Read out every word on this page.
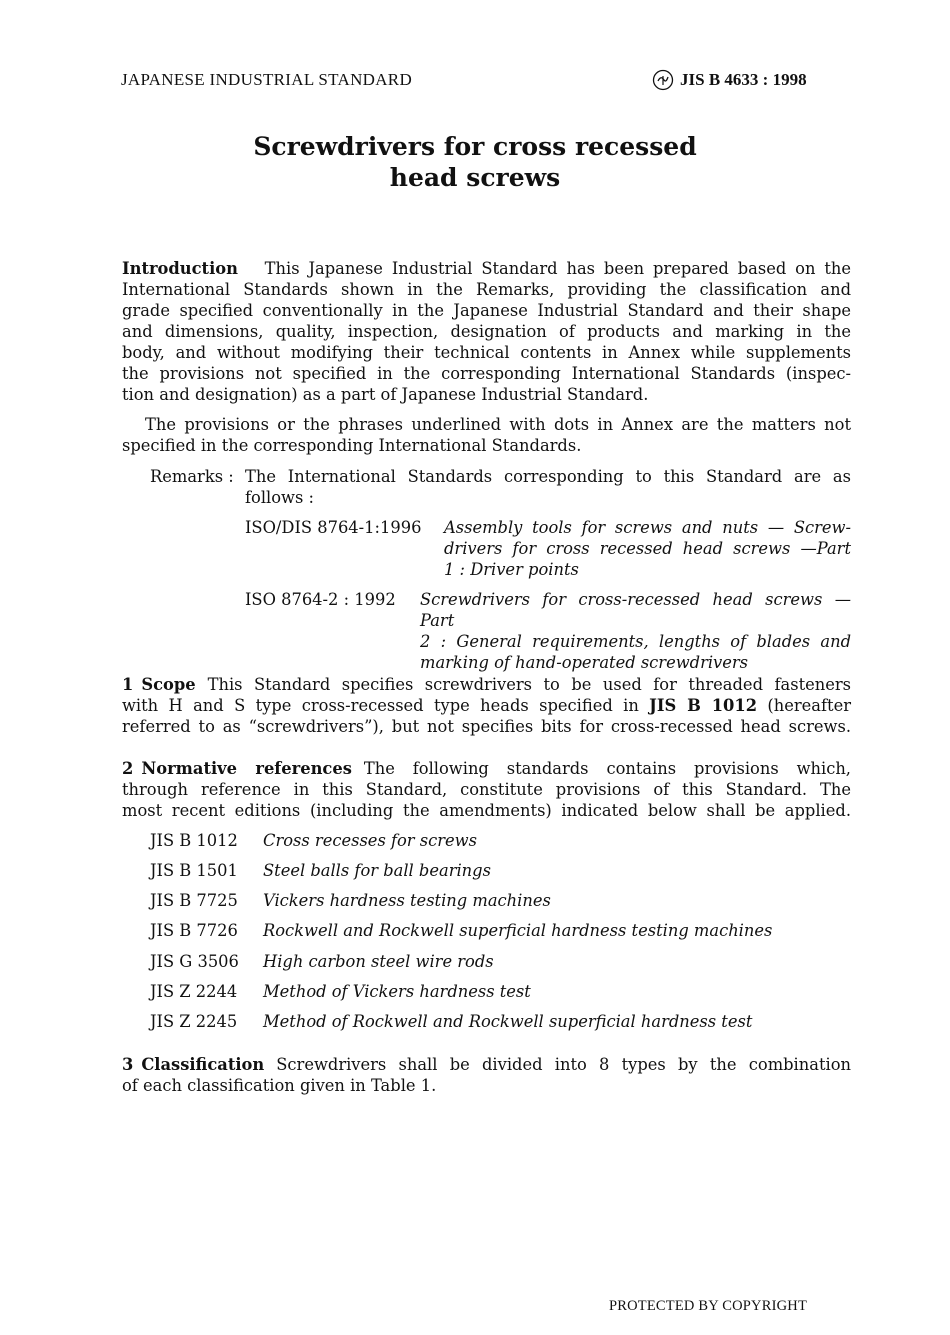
JAPANESE INDUSTRIAL STANDARD	JIS B 4633 : 1998
Screwdrivers for cross recessed
head screws
Introduction This Japanese Industrial Standard has been prepared based on the
International Standards shown in the Remarks, providing the classification and
grade specified conventionally in the Japanese Industrial Standard and their shape
and dimensions, quality, inspection, designation of products and marking in the
body, and without modifying their technical contents in Annex while supplements
the provisions not specified in the corresponding International Standards (inspec-
tion and designation) as a part of Japanese Industrial Standard.
The provisions or the phrases underlined with dots in Annex are the matters not
specified in the corresponding International Standards.
Remarks : The International Standards corresponding to this Standard are as
follows :
ISO/DIS 8764-1:1996 Assembly tools for screws and nuts — Screw-
drivers for cross recessed head screws —Part
1 : Driver points
ISO 8764-2 : 1992 Screwdrivers for cross-recessed head screws — Part
2 : General requirements, lengths of blades and
marking of hand-operated screwdrivers
1 Scope This Standard specifies screwdrivers to be used for threaded fasteners
with H and S type cross-recessed type heads specified in JIS B 1012 (hereafter
referred to as “screwdrivers”), but not specifies bits for cross-recessed head screws.
2 Normative references The following standards contains provisions which,
through reference in this Standard, constitute provisions of this Standard. The
most recent editions (including the amendments) indicated below shall be applied.
JIS B 1012	Cross recesses for screws
JIS B 1501	Steel balls for ball bearings
JIS B 7725	Vickers hardness testing machines
JIS B 7726	Rockwell and Rockwell superficial hardness testing machines
JIS G 3506	High carbon steel wire rods
JIS Z 2244	Method of Vickers hardness test
JIS Z 2245	Method of Rockwell and Rockwell superficial hardness test
3 Classification Screwdrivers shall be divided into 8 types by the combination
of each classification given in Table 1.
PROTECTED BY COPYRIGHT
